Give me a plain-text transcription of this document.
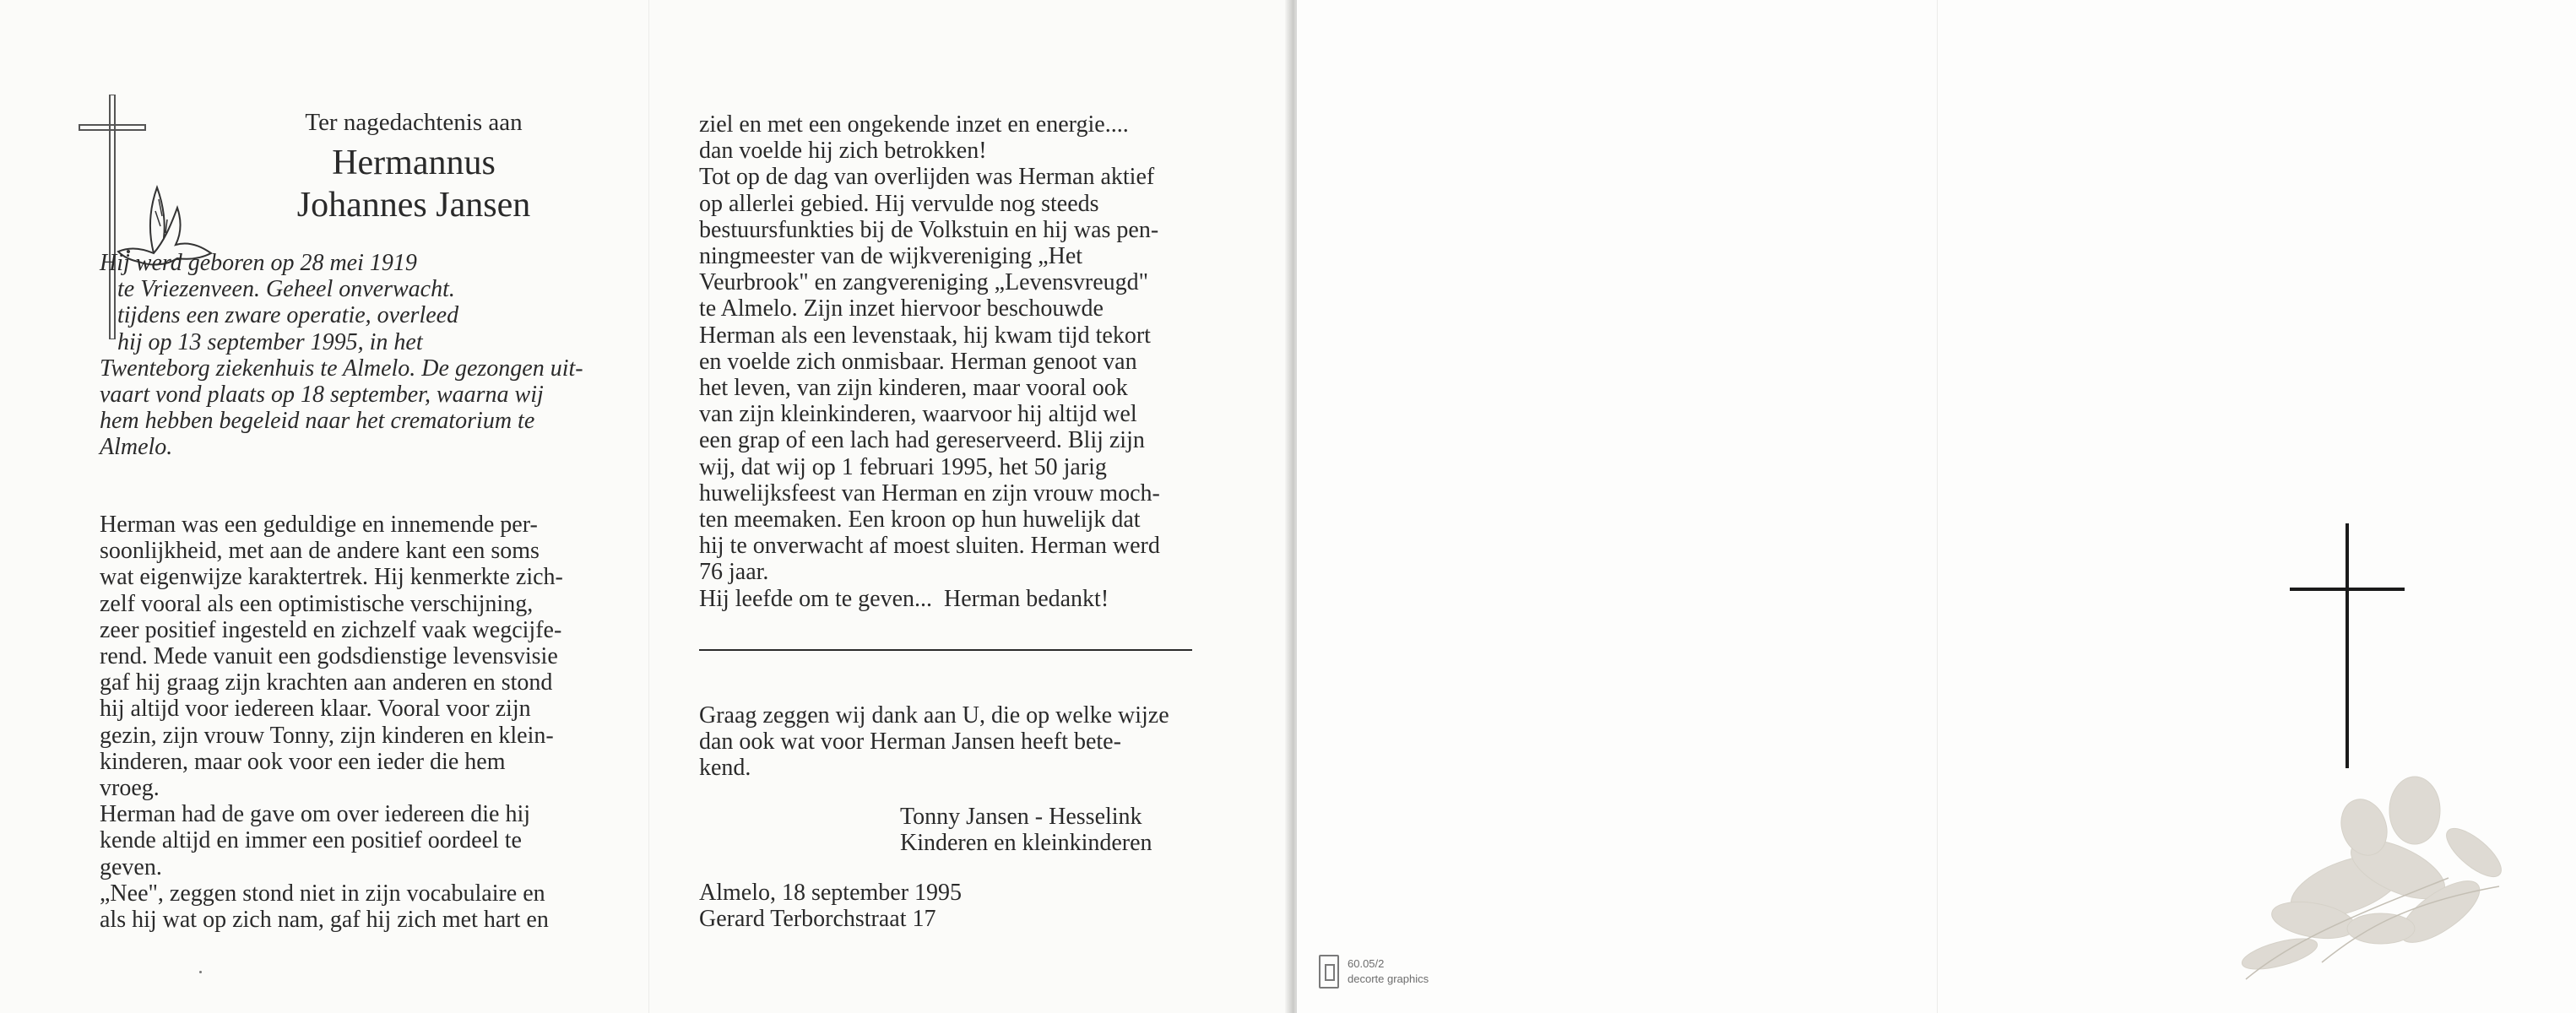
Ter nagedachtenis aan
Hermannus
Johannes Jansen
Hij werd geboren op 28 mei 1919
te Vriezenveen. Geheel onverwacht.
tijdens een zware operatie, overleed
hij op 13 september 1995, in het
Twenteborg ziekenhuis te Almelo. De gezongen uit-
vaart vond plaats op 18 september, waarna wij
hem hebben begeleid naar het crematorium te
Almelo.
Herman was een geduldige en innemende per-
soonlijkheid, met aan de andere kant een soms
wat eigenwijze karaktertrek. Hij kenmerkte zich-
zelf vooral als een optimistische verschijning,
zeer positief ingesteld en zichzelf vaak wegcijfe-
rend. Mede vanuit een godsdienstige levensvisie
gaf hij graag zijn krachten aan anderen en stond
hij altijd voor iedereen klaar. Vooral voor zijn
gezin, zijn vrouw Tonny, zijn kinderen en klein-
kinderen, maar ook voor een ieder die hem
vroeg.
Herman had de gave om over iedereen die hij
kende altijd en immer een positief oordeel te
geven.
„Nee", zeggen stond niet in zijn vocabulaire en
als hij wat op zich nam, gaf hij zich met hart en
ziel en met een ongekende inzet en energie....
dan voelde hij zich betrokken!
Tot op de dag van overlijden was Herman aktief
op allerlei gebied. Hij vervulde nog steeds
bestuursfunkties bij de Volkstuin en hij was pen-
ningmeester van de wijkvereniging „Het
Veurbrook" en zangvereniging „Levensvreugd"
te Almelo. Zijn inzet hiervoor beschouwde
Herman als een levenstaak, hij kwam tijd tekort
en voelde zich onmisbaar. Herman genoot van
het leven, van zijn kinderen, maar vooral ook
van zijn kleinkinderen, waarvoor hij altijd wel
een grap of een lach had gereserveerd. Blij zijn
wij, dat wij op 1 februari 1995, het 50 jarig
huwelijksfeest van Herman en zijn vrouw moch-
ten meemaken. Een kroon op hun huwelijk dat
hij te onverwacht af moest sluiten. Herman werd
76 jaar.
Hij leefde om te geven...  Herman bedankt!
Graag zeggen wij dank aan U, die op welke wijze
dan ook wat voor Herman Jansen heeft bete-
kend.
Tonny Jansen - Hesselink
Kinderen en kleinkinderen
Almelo, 18 september 1995
Gerard Terborchstraat 17
60.05/2
decorte graphics
